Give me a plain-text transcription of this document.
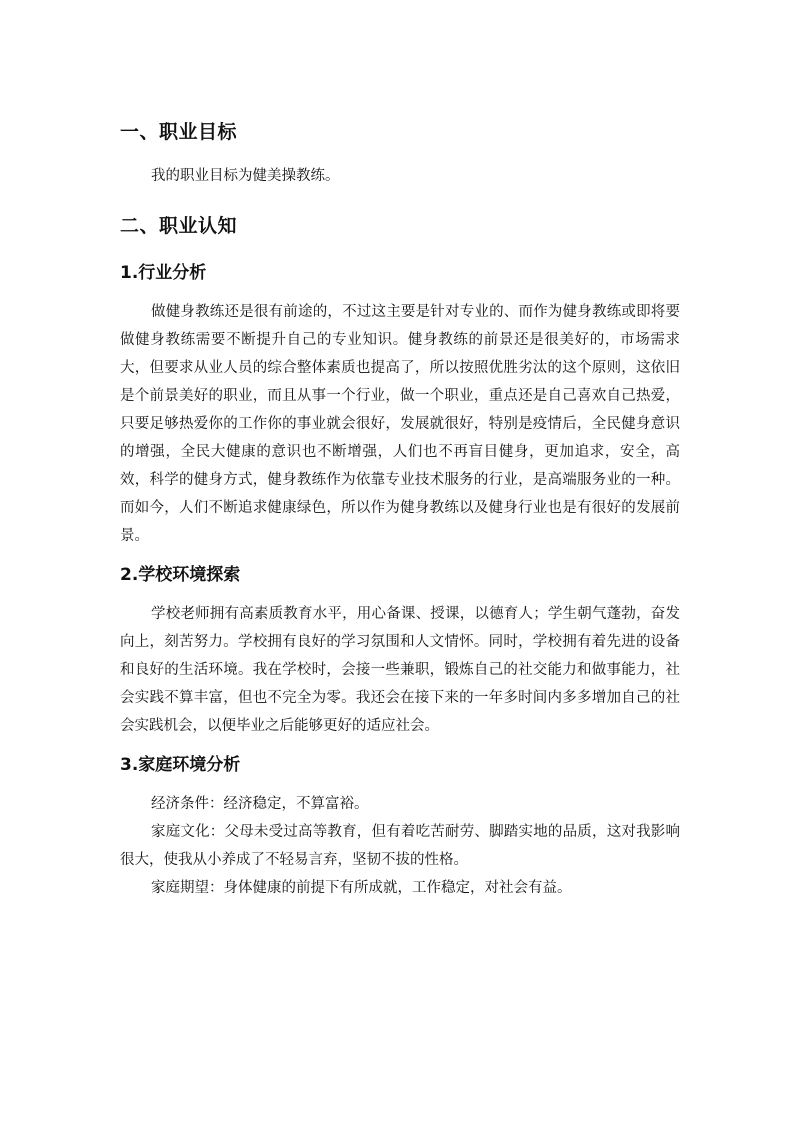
一、职业目标

我的职业目标为健美操教练。

二、职业认知
1.行业分析

做健身教练还是很有前途的，不过这主要是针对专业的、而作为健身教练或即将要做健身教练需要不断提升自己的专业知识。健身教练的前景还是很美好的，市场需求大，但要求从业人员的综合整体素质也提高了，所以按照优胜劣汰的这个原则，这依旧是个前景美好的职业，而且从事一个行业，做一个职业，重点还是自己喜欢自己热爱，只要足够热爱你的工作你的事业就会很好，发展就很好，特别是疫情后，全民健身意识的增强，全民大健康的意识也不断增强，人们也不再盲目健身，更加追求，安全，高效，科学的健身方式，健身教练作为依靠专业技术服务的行业，是高端服务业的一种。而如今，人们不断追求健康绿色，所以作为健身教练以及健身行业也是有很好的发展前景。

2.学校环境探索

学校老师拥有高素质教育水平，用心备课、授课，以德育人；学生朝气蓬勃，奋发向上，刻苦努力。学校拥有良好的学习氛围和人文情怀。同时，学校拥有着先进的设备和良好的生活环境。我在学校时，会接一些兼职，锻炼自己的社交能力和做事能力，社会实践不算丰富，但也不完全为零。我还会在接下来的一年多时间内多多增加自己的社会实践机会，以便毕业之后能够更好的适应社会。

3.家庭环境分析

经济条件：经济稳定，不算富裕。

家庭文化：父母未受过高等教育，但有着吃苦耐劳、脚踏实地的品质，这对我影响很大，使我从小养成了不轻易言弃，坚韧不拔的性格。

家庭期望：身体健康的前提下有所成就，工作稳定，对社会有益。
